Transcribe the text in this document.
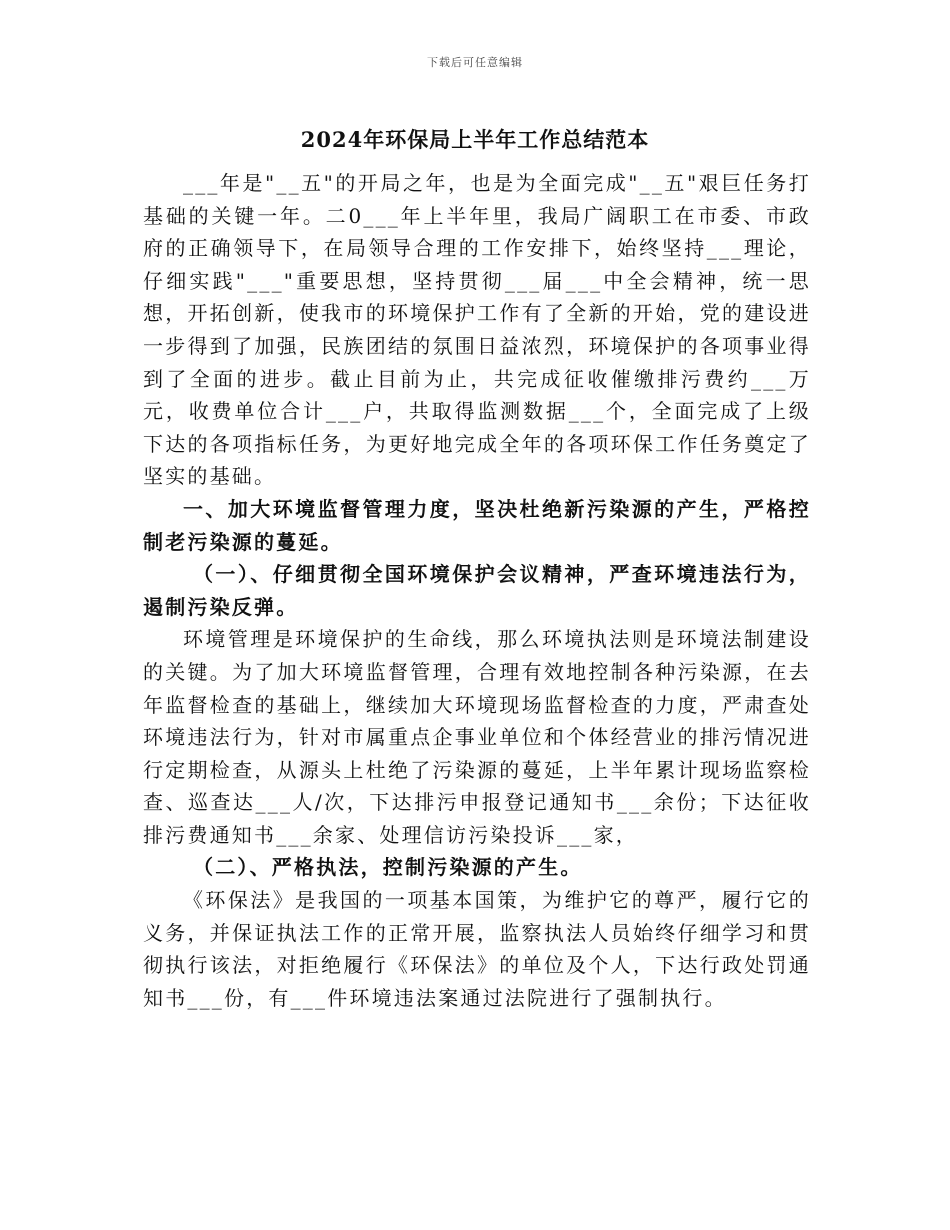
下载后可任意编辑
2024年环保局上半年工作总结范本

___年是"__五"的开局之年，也是为全面完成"__五"艰巨任务打基础的关键一年。二0___年上半年里，我局广阔职工在市委、市政府的正确领导下，在局领导合理的工作安排下，始终坚持___理论，仔细实践"___"重要思想，坚持贯彻___届___中全会精神，统一思想，开拓创新，使我市的环境保护工作有了全新的开始，党的建设进一步得到了加强，民族团结的氛围日益浓烈，环境保护的各项事业得到了全面的进步。截止目前为止，共完成征收催缴排污费约___万元，收费单位合计___户，共取得监测数据___个，全面完成了上级下达的各项指标任务，为更好地完成全年的各项环保工作任务奠定了坚实的基础。

一、加大环境监督管理力度，坚决杜绝新污染源的产生，严格控制老污染源的蔓延。

（一）、仔细贯彻全国环境保护会议精神，严查环境违法行为，遏制污染反弹。

环境管理是环境保护的生命线，那么环境执法则是环境法制建设的关键。为了加大环境监督管理，合理有效地控制各种污染源，在去年监督检查的基础上，继续加大环境现场监督检查的力度，严肃查处环境违法行为，针对市属重点企事业单位和个体经营业的排污情况进行定期检查，从源头上杜绝了污染源的蔓延，上半年累计现场监察检查、巡查达___人/次，下达排污申报登记通知书___余份；下达征收排污费通知书___余家、处理信访污染投诉___家，

（二）、严格执法，控制污染源的产生。

《环保法》是我国的一项基本国策，为维护它的尊严，履行它的义务，并保证执法工作的正常开展，监察执法人员始终仔细学习和贯彻执行该法，对拒绝履行《环保法》的单位及个人，下达行政处罚通知书___份，有___件环境违法案通过法院进行了强制执行。
